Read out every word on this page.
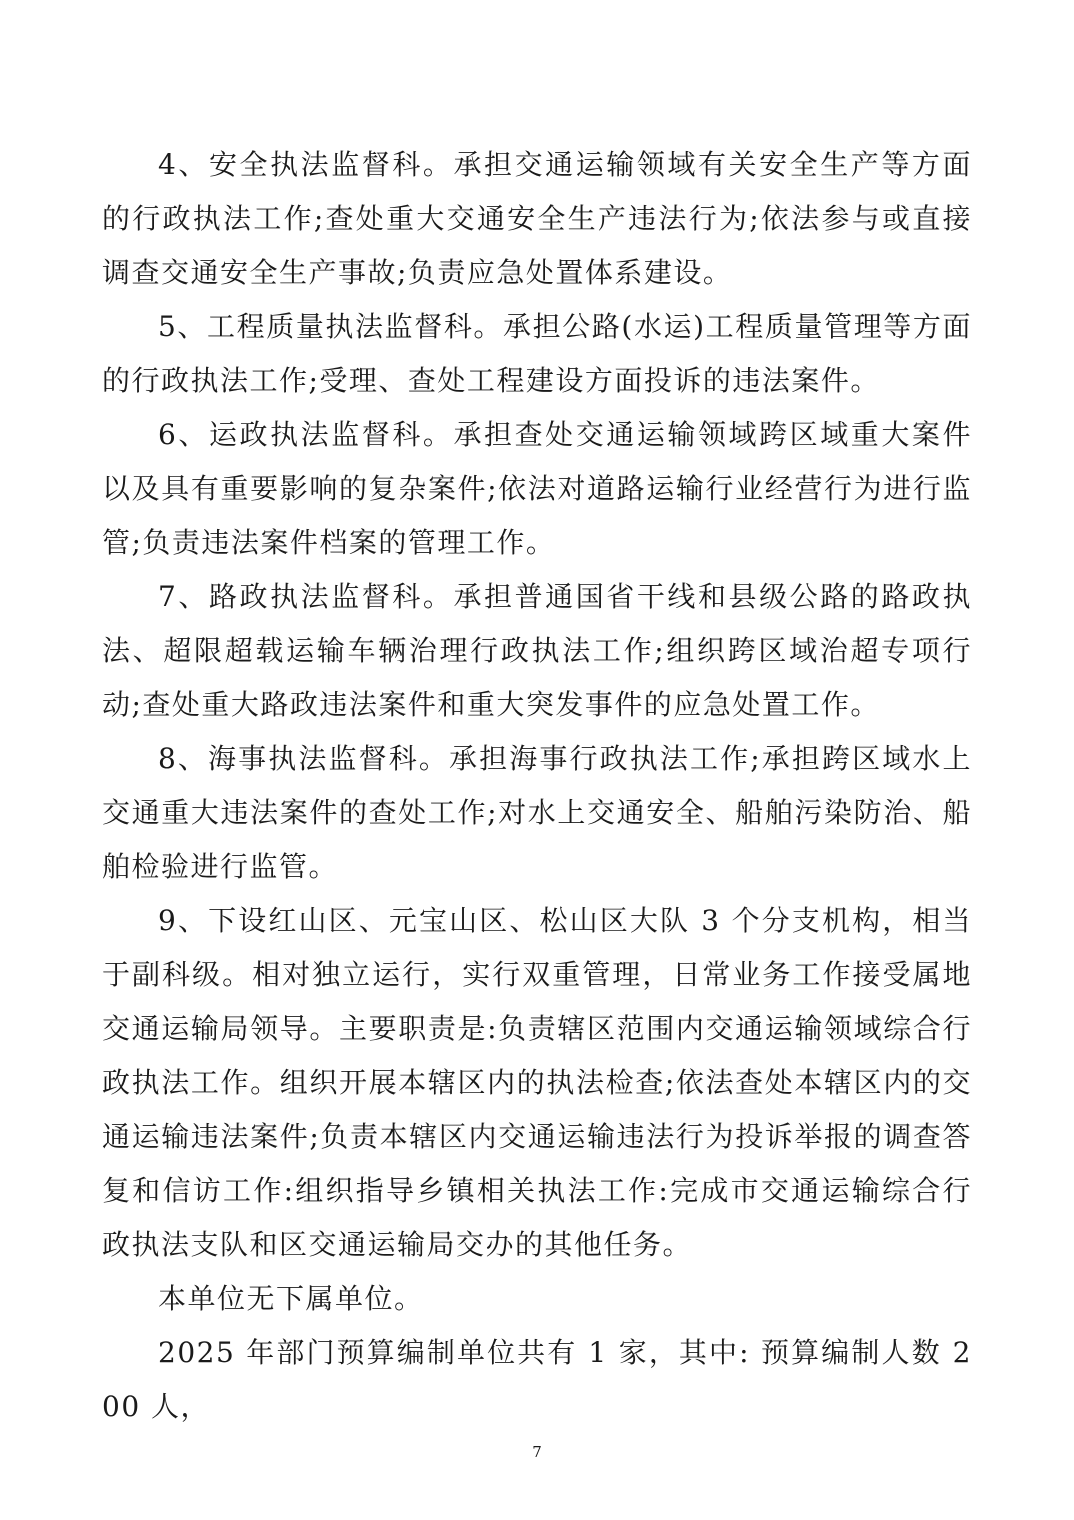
4、安全执法监督科。承担交通运输领域有关安全生产等方面的行政执法工作;查处重大交通安全生产违法行为;依法参与或直接调查交通安全生产事故;负责应急处置体系建设。

5、工程质量执法监督科。承担公路(水运)工程质量管理等方面的行政执法工作;受理、查处工程建设方面投诉的违法案件。

6、运政执法监督科。承担查处交通运输领域跨区域重大案件以及具有重要影响的复杂案件;依法对道路运输行业经营行为进行监管;负责违法案件档案的管理工作。

7、路政执法监督科。承担普通国省干线和县级公路的路政执法、超限超载运输车辆治理行政执法工作;组织跨区域治超专项行动;查处重大路政违法案件和重大突发事件的应急处置工作。

8、海事执法监督科。承担海事行政执法工作;承担跨区域水上交通重大违法案件的查处工作;对水上交通安全、船舶污染防治、船舶检验进行监管。

9、下设红山区、元宝山区、松山区大队 3 个分支机构，相当于副科级。相对独立运行，实行双重管理，日常业务工作接受属地交通运输局领导。主要职责是:负责辖区范围内交通运输领域综合行政执法工作。组织开展本辖区内的执法检查;依法查处本辖区内的交通运输违法案件;负责本辖区内交通运输违法行为投诉举报的调查答复和信访工作:组织指导乡镇相关执法工作:完成市交通运输综合行政执法支队和区交通运输局交办的其他任务。

本单位无下属单位。

2025 年部门预算编制单位共有 1 家，其中: 预算编制人数 200 人，

7
